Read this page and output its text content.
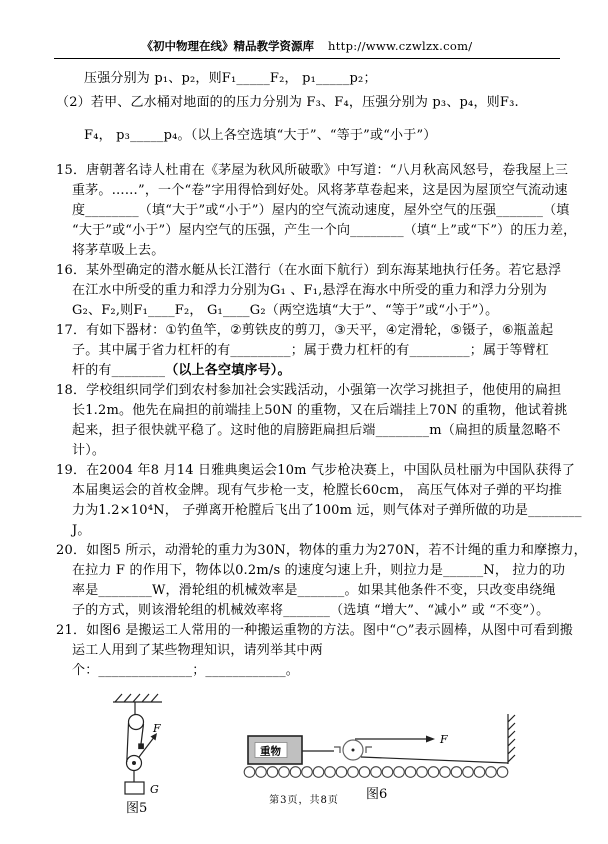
《初中物理在线》精品教学资源库 http://www.czwlzx.com/
压强分别为 p₁、p₂，则F₁_____F₂， p₁_____p₂；
（2）若甲、乙水桶对地面的的压力分别为 F₃、F₄，压强分别为 p₃、p₄，则F₃.
F₄， p₃_____p₄。（以上各空选填“大于”、“等于”或“小于”）
15．唐朝著名诗人杜甫在《茅屋为秋风所破歌》中写道：“八月秋高风怒号，卷我屋上三
重茅。……”，一个“卷”字用得恰到好处。风将茅草卷起来，这是因为屋顶空气流动速
度________（填“大于”或“小于”）屋内的空气流动速度，屋外空气的压强_______（填
“大于”或“小于”）屋内空气的压强，产生一个向________（填“上”或“下”）的压力差，
将茅草吸上去。
16．某外型确定的潜水艇从长江潜行（在水面下航行）到东海某地执行任务。若它悬浮
在江水中所受的重力和浮力分别为G₁ 、F₁,悬浮在海水中所受的重力和浮力分别为
G₂、F₂,则F₁____F₂， G₁____G₂（两空选填“大于”、“等于”或“小于”）。
17．有如下器材：①钓鱼竿，②剪铁皮的剪刀，③天平，④定滑轮，⑤镊子，⑥瓶盖起
子。其中属于省力杠杆的有_________；属于费力杠杆的有_________；属于等臂杠
杆的有________（以上各空填序号）。
18．学校组织同学们到农村参加社会实践活动，小强第一次学习挑担子，他使用的扁担
长1.2m。他先在扁担的前端挂上50N 的重物，又在后端挂上70N 的重物，他试着挑
起来，担子很快就平稳了。这时他的肩膀距扁担后端________m（扁担的质量忽略不
计）。
19．在2004 年8 月14 日雅典奥运会10m 气步枪决赛上，中国队员杜丽为中国队获得了
本届奥运会的首枚金牌。现有气步枪一支，枪膛长60cm， 高压气体对子弹的平均推
力为1.2×10⁴N， 子弹离开枪膛后飞出了100m 远，则气体对子弹所做的功是________
J。
20．如图5 所示，动滑轮的重力为30N，物体的重力为270N，若不计绳的重力和摩擦力，
在拉力 F 的作用下，物体以0.2m/s 的速度匀速上升，则拉力是______N， 拉力的功
率是________W，滑轮组的机械效率是_______。如果其他条件不变，只改变串绕绳
子的方式，则该滑轮组的机械效率将_______（选填 “增大”、“减小” 或 “不变”）。
21．如图6 是搬运工人常用的一种搬运重物的方法。图中“○”表示圆棒，从图中可看到搬
运工人用到了某些物理知识，请列举其中两
个：______________；____________。
F
G
图5
重物
F
图6
第3页，共8页
